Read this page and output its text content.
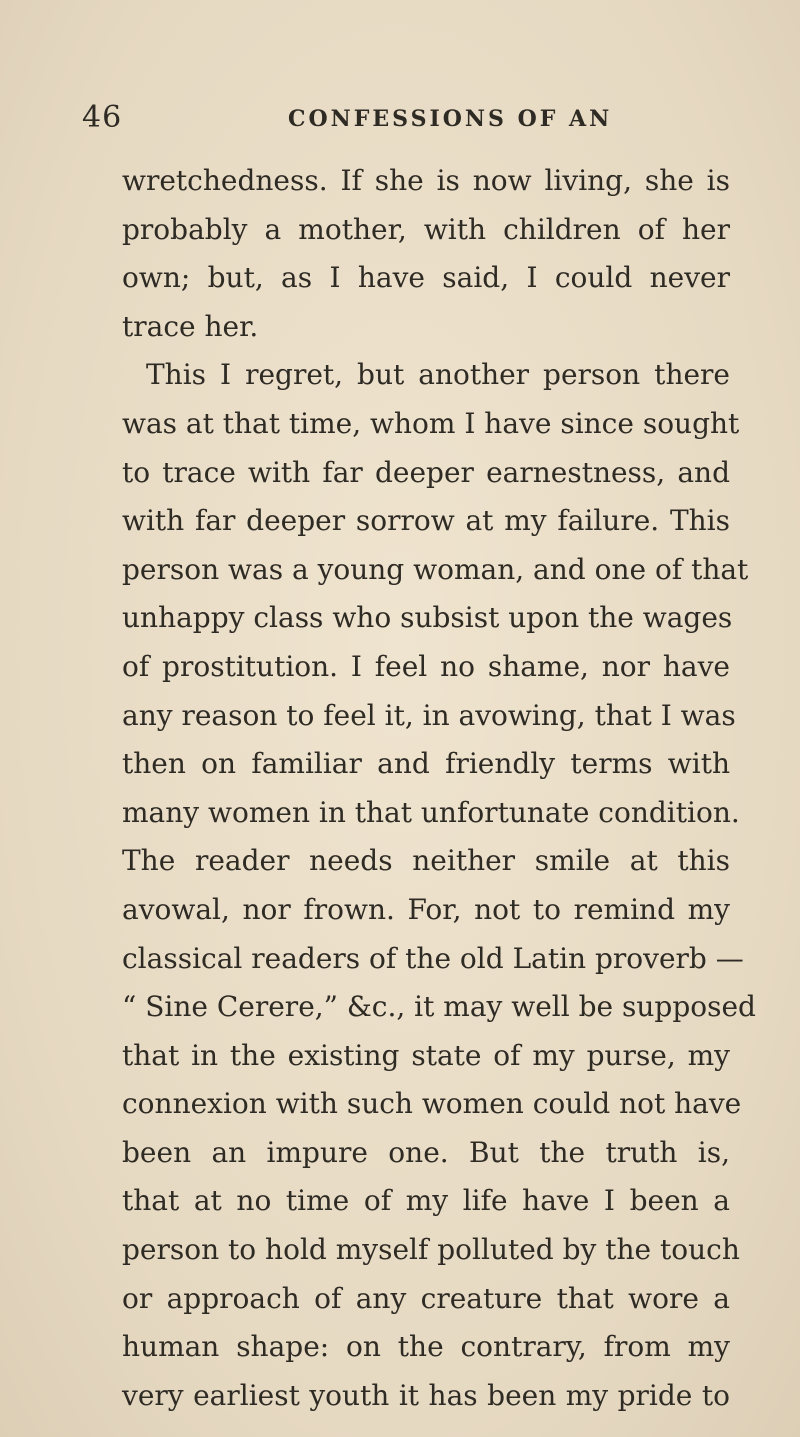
46	CONFESSIONS OF AN
wretchedness. If she is now living, she is
probably a mother, with children of her
own; but, as I have said, I could never
trace her.
This I regret, but another person there
was at that time, whom I have since sought
to trace with far deeper earnestness, and
with far deeper sorrow at my failure. This
person was a young woman, and one of that
unhappy class who subsist upon the wages
of prostitution. I feel no shame, nor have
any reason to feel it, in avowing, that I was
then on familiar and friendly terms with
many women in that unfortunate condition.
The reader needs neither smile at this
avowal, nor frown. For, not to remind my
classical readers of the old Latin proverb —
“ Sine Cerere,” &c., it may well be supposed
that in the existing state of my purse, my
connexion with such women could not have
been an impure one. But the truth is,
that at no time of my life have I been a
person to hold myself polluted by the touch
or approach of any creature that wore a
human shape: on the contrary, from my
very earliest youth it has been my pride to
